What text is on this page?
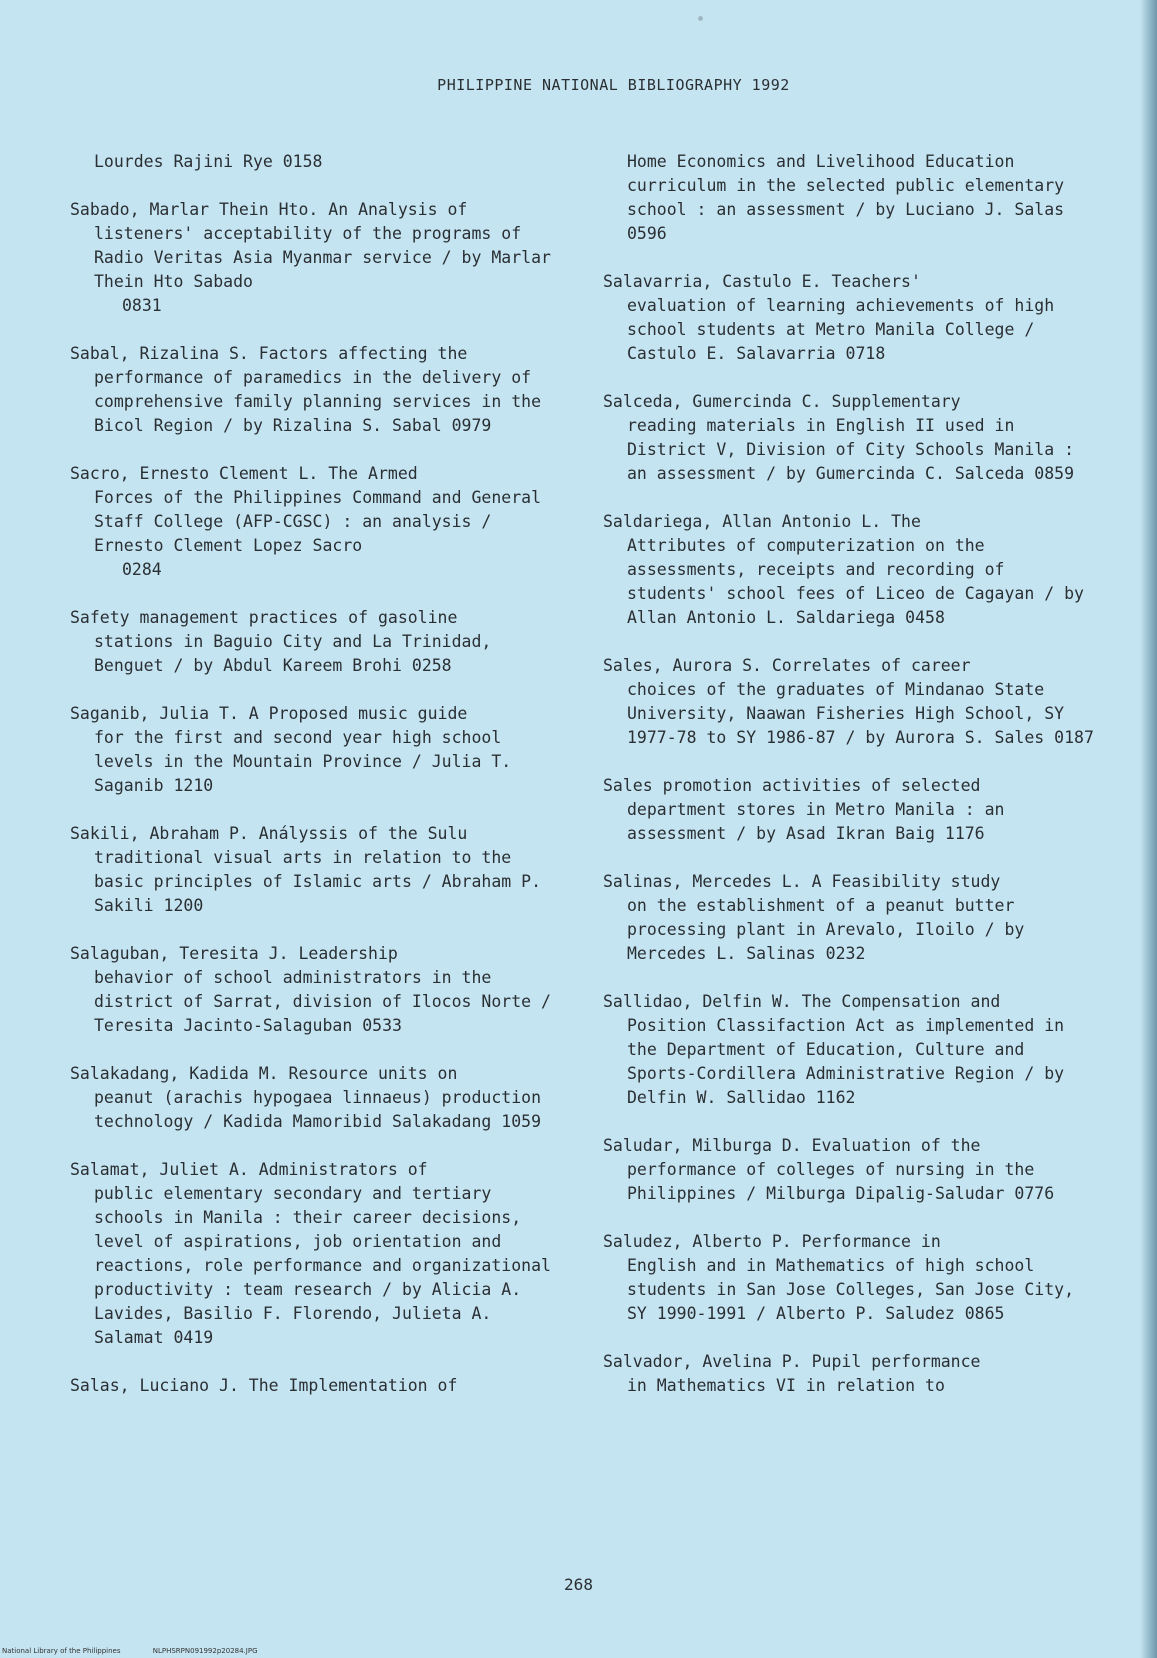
PHILIPPINE NATIONAL BIBLIOGRAPHY 1992
Lourdes Rajini Rye 0158
Sabado, Marlar Thein Hto. An Analysis of
listeners' acceptability of the programs of Radio Veritas Asia Myanmar service / by Marlar Thein Hto Sabado
0831
Sabal, Rizalina S. Factors affecting the
performance of paramedics in the delivery of comprehensive family planning services in the Bicol Region / by Rizalina S. Sabal 0979
Sacro, Ernesto Clement L. The Armed
Forces of the Philippines Command and General Staff College (AFP-CGSC) : an analysis / Ernesto Clement Lopez Sacro
0284
Safety management practices of gasoline
stations in Baguio City and La Trinidad, Benguet / by Abdul Kareem Brohi 0258
Saganib, Julia T. A Proposed music guide
for the first and second year high school levels in the Mountain Province / Julia T. Saganib 1210
Sakili, Abraham P. Anályssis of the Sulu
traditional visual arts in relation to the basic principles of Islamic arts / Abraham P. Sakili 1200
Salaguban, Teresita J. Leadership
behavior of school administrators in the district of Sarrat, division of Ilocos Norte / Teresita Jacinto-Salaguban 0533
Salakadang, Kadida M. Resource units on
peanut (arachis hypogaea linnaeus) production technology / Kadida Mamoribid Salakadang 1059
Salamat, Juliet A. Administrators of
public elementary secondary and tertiary schools in Manila : their career decisions, level of aspirations, job orientation and reactions, role performance and organizational productivity : team research / by Alicia A. Lavides, Basilio F. Florendo, Julieta A. Salamat 0419
Salas, Luciano J. The Implementation of
Home Economics and Livelihood Education curriculum in the selected public elementary school : an assessment / by Luciano J. Salas 0596
Salavarria, Castulo E. Teachers'
evaluation of learning achievements of high school students at Metro Manila College / Castulo E. Salavarria 0718
Salceda, Gumercinda C. Supplementary
reading materials in English II used in District V, Division of City Schools Manila : an assessment / by Gumercinda C. Salceda 0859
Saldariega, Allan Antonio L. The
Attributes of computerization on the assessments, receipts and recording of students' school fees of Liceo de Cagayan / by Allan Antonio L. Saldariega 0458
Sales, Aurora S. Correlates of career
choices of the graduates of Mindanao State University, Naawan Fisheries High School, SY 1977-78 to SY 1986-87 / by Aurora S. Sales 0187
Sales promotion activities of selected
department stores in Metro Manila : an assessment / by Asad Ikran Baig 1176
Salinas, Mercedes L. A Feasibility study
on the establishment of a peanut butter processing plant in Arevalo, Iloilo / by Mercedes L. Salinas 0232
Sallidao, Delfin W. The Compensation and
Position Classifaction Act as implemented in the Department of Education, Culture and Sports-Cordillera Administrative Region / by Delfin W. Sallidao 1162
Saludar, Milburga D. Evaluation of the
performance of colleges of nursing in the Philippines / Milburga Dipalig-Saludar 0776
Saludez, Alberto P. Performance in
English and in Mathematics of high school students in San Jose Colleges, San Jose City, SY 1990-1991 / Alberto P. Saludez 0865
Salvador, Avelina P. Pupil performance
in Mathematics VI in relation to
268
National Library of the Philippines	NLPHSRPN091992p20284.JPG
